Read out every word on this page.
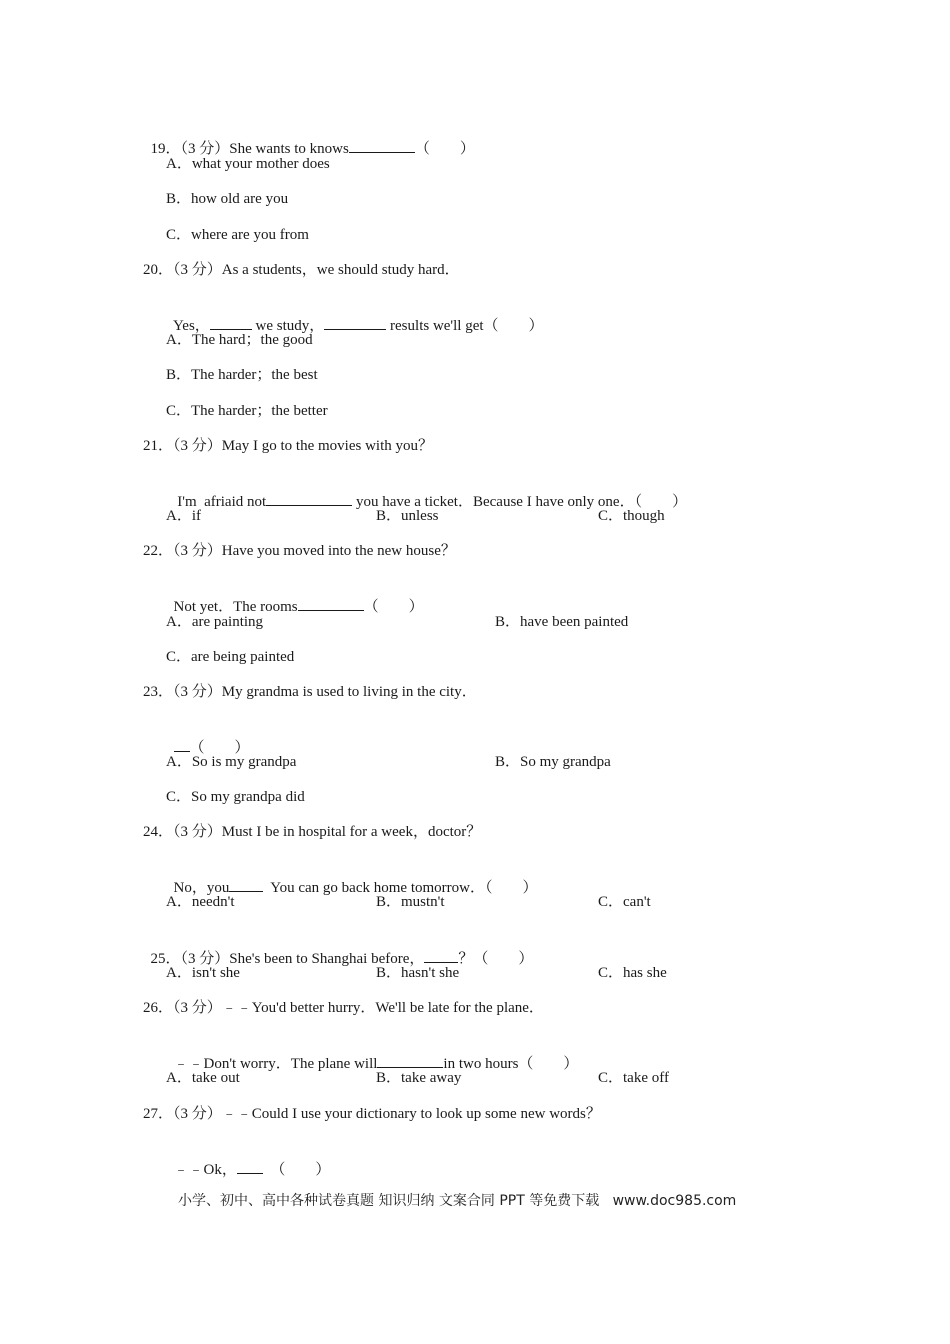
19．（3 分）She wants to knows	（　　）

A．what your mother does
B．how old are you
C．where are you from
20．（3 分）As a students，we should study hard．

Yes，	we study，	results we'll get（　　）

A．The hard；the good
B．The harder；the best
C．The harder；the better
21．（3 分）May I go to the movies with you？

I'm  afriaid not	you have a ticket．Because I have only one．（　　）

A．if	B．unless	C．though
22．（3 分）Have you moved into the new house？

Not yet．The rooms	（　　）

A．are painting	B．have been painted
C．are being painted
23．（3 分）My grandma is used to living in the city．

（　　）

A．So is my grandpa	B．So my grandpa
C．So my grandpa did
24．（3 分）Must I be in hospital for a week，doctor？

No，you  You can go back home tomorrow．（　　）

A．needn't	B．mustn't	C．can't

25．（3 分）She's been to Shanghai before， ？（　　）

A．isn't she	B．hasn't she	C．has she
26．（3 分）﹣﹣You'd better hurry．We'll be late for the plane．

﹣﹣Don't worry．The plane will	in two hours（　　）

A．take out	B．take away	C．take off
27．（3 分）﹣﹣Could I use your dictionary to look up some new words？

﹣﹣Ok，  （　　）

小学、初中、高中各种试卷真题 知识归纳 文案合同 PPT 等免费下载   www.doc985.com
